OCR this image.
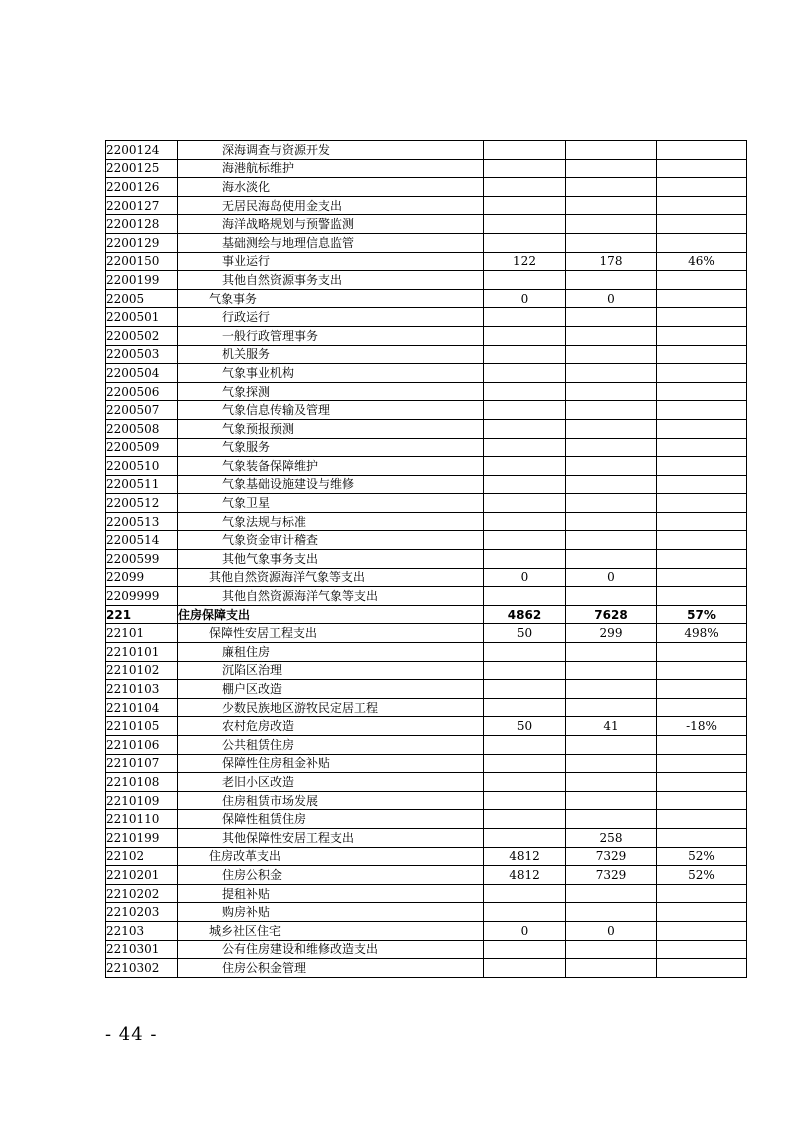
2200124	深海调查与资源开发			
2200125	海港航标维护			
2200126	海水淡化			
2200127	无居民海岛使用金支出			
2200128	海洋战略规划与预警监测			
2200129	基础测绘与地理信息监管			
2200150	事业运行	122	178	46%
2200199	其他自然资源事务支出			
22005	气象事务	0	0	
2200501	行政运行			
2200502	一般行政管理事务			
2200503	机关服务			
2200504	气象事业机构			
2200506	气象探测			
2200507	气象信息传输及管理			
2200508	气象预报预测			
2200509	气象服务			
2200510	气象装备保障维护			
2200511	气象基础设施建设与维修			
2200512	气象卫星			
2200513	气象法规与标准			
2200514	气象资金审计稽查			
2200599	其他气象事务支出			
22099	其他自然资源海洋气象等支出	0	0	
2209999	其他自然资源海洋气象等支出			
221	住房保障支出	4862	7628	57%
22101	保障性安居工程支出	50	299	498%
2210101	廉租住房			
2210102	沉陷区治理			
2210103	棚户区改造			
2210104	少数民族地区游牧民定居工程			
2210105	农村危房改造	50	41	-18%
2210106	公共租赁住房			
2210107	保障性住房租金补贴			
2210108	老旧小区改造			
2210109	住房租赁市场发展			
2210110	保障性租赁住房			
2210199	其他保障性安居工程支出		258	
22102	住房改革支出	4812	7329	52%
2210201	住房公积金	4812	7329	52%
2210202	提租补贴			
2210203	购房补贴			
22103	城乡社区住宅	0	0	
2210301	公有住房建设和维修改造支出			
2210302	住房公积金管理			
- 44 -
